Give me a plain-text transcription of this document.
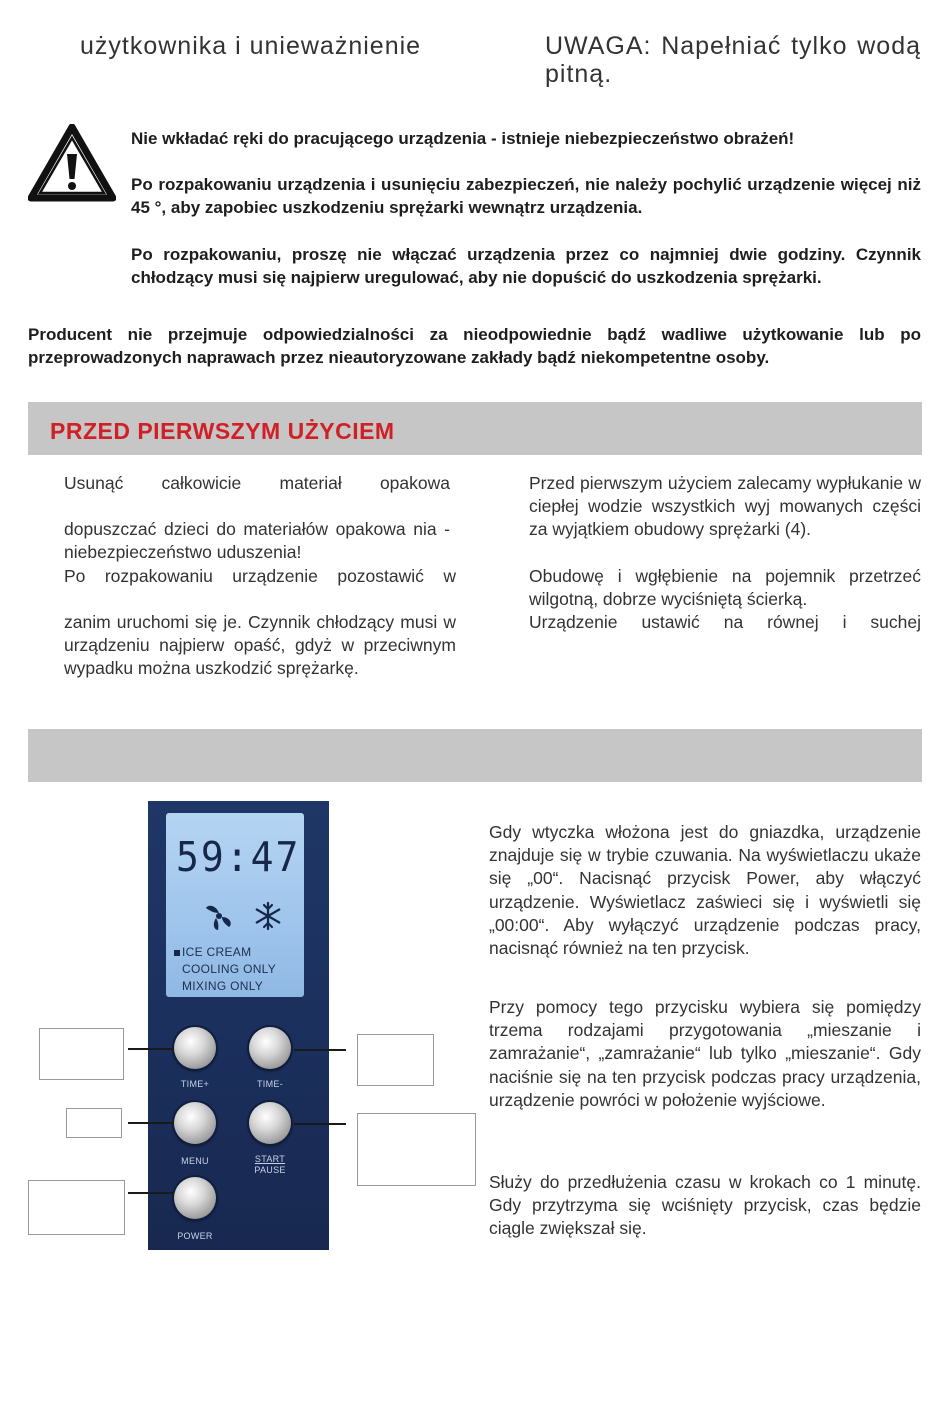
użytkownika i unieważnienie	UWAGA: Napełniać tylko wodą pitną.
Nie wkładać ręki do pracującego urządzenia - istnieje niebezpieczeństwo obrażeń!
Po rozpakowaniu urządzenia i usunięciu zabezpieczeń, nie należy pochylić urządzenie więcej niż 45 °, aby zapobiec uszkodzeniu sprężarki wewnątrz urządzenia.
Po rozpakowaniu, proszę nie włączać urządzenia przez co najmniej dwie godziny. Czynnik chłodzący musi się najpierw uregulować, aby nie dopuścić do uszkodzenia sprężarki.
Producent nie przejmuje odpowiedzialności za nieodpowiednie bądź wadliwe użytkowanie lub po przeprowadzonych naprawach przez nieautoryzowane zakłady bądź niekompetentne osoby.
PRZED PIERWSZYM UŻYCIEM
Usunąć całkowicie materiał opakowa
dopuszczać dzieci do materiałów opakowa nia - niebezpieczeństwo uduszenia!
Po rozpakowaniu urządzenie pozostawić w
zanim uruchomi się je. Czynnik chłodzący musi w urządzeniu najpierw opaść, gdyż w przeciwnym wypadku można uszkodzić sprężarkę.
Przed pierwszym użyciem zalecamy wypłukanie w ciepłej wodzie wszystkich wyj mowanych części za wyjątkiem obudowy sprężarki (4).
Obudowę i wgłębienie na pojemnik przetrzeć wilgotną, dobrze wyciśniętą ścierką.
Urządzenie ustawić na równej i suchej
59:47
ICE CREAM
COOLING ONLY
MIXING ONLY
TIME+	TIME-
MENU	START
PAUSE
POWER
Gdy wtyczka włożona jest do gniazdka, urządzenie znajduje się w trybie czuwania. Na wyświetlaczu ukaże się „00“. Nacisnąć przycisk Power, aby włączyć urządzenie. Wyświetlacz zaświeci się i wyświetli się „00:00“. Aby wyłączyć urządzenie podczas pracy, nacisnąć również na ten przycisk.
Przy pomocy tego przycisku wybiera się pomiędzy trzema rodzajami przygotowania „mieszanie i zamrażanie“, „zamrażanie“ lub tylko „mieszanie“. Gdy naciśnie się na ten przycisk podczas pracy urządzenia, urządzenie powróci w położenie wyjściowe.
Służy do przedłużenia czasu w krokach co 1 minutę. Gdy przytrzyma się wciśnięty przycisk, czas będzie ciągle zwiększał się.
